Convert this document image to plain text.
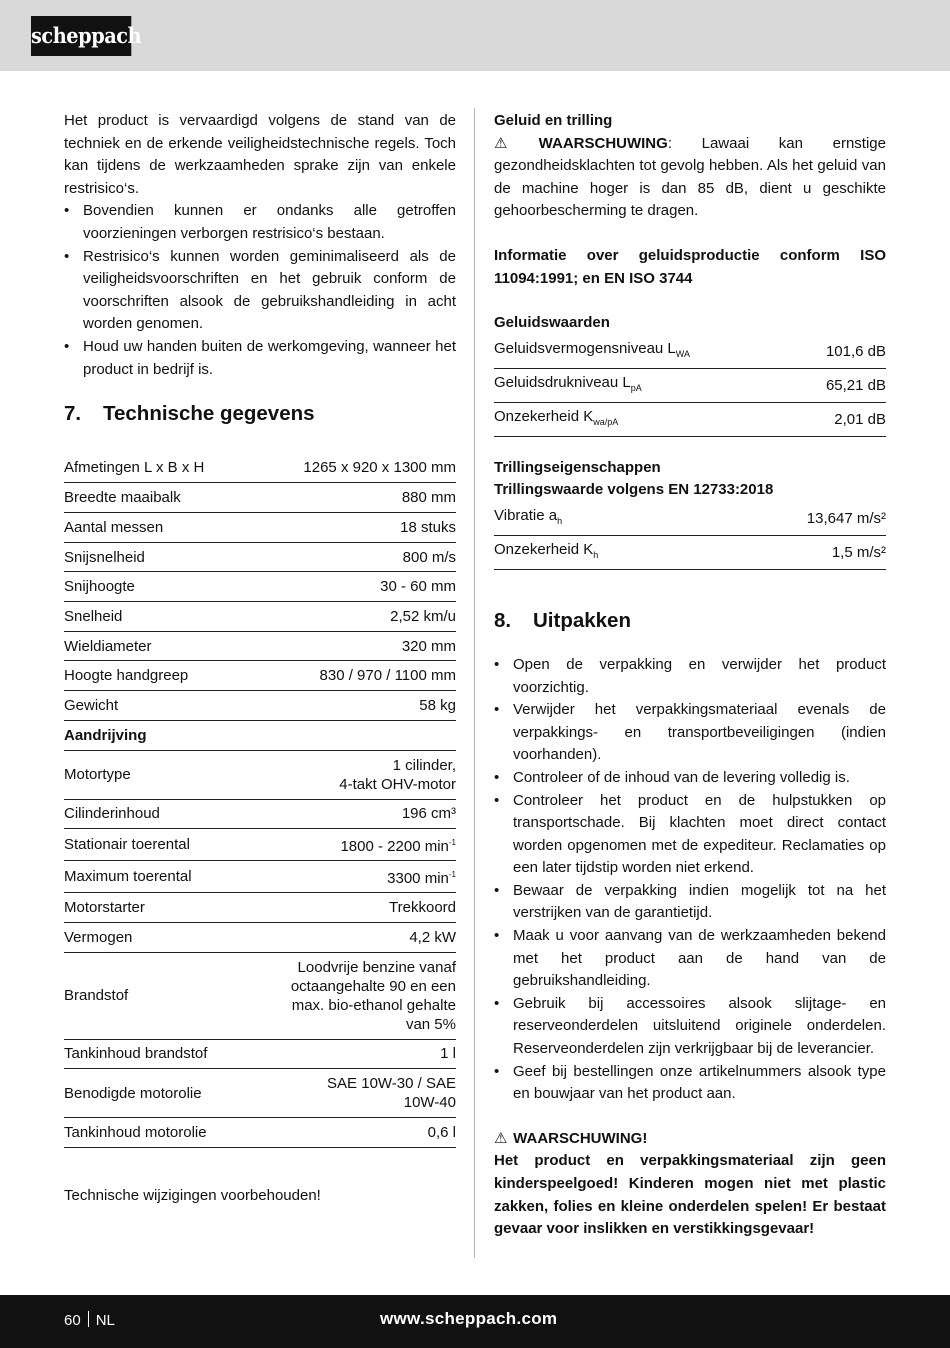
scheppach

Het product is vervaardigd volgens de stand van de techniek en de erkende veiligheidstechnische regels. Toch kan tijdens de werkzaamheden sprake zijn van enkele restrisico‘s.

• Bovendien kunnen er ondanks alle getroffen voorzieningen verborgen restrisico‘s bestaan.
• Restrisico‘s kunnen worden geminimaliseerd als de veiligheidsvoorschriften en het gebruik conform de voorschriften alsook de gebruikshandleiding in acht worden genomen.
• Houd uw handen buiten de werkomgeving, wanneer het product in bedrijf is.
7.	Technische gegevens
Afmetingen L x B x H	1265 x 920 x 1300 mm
Breedte maaibalk	880 mm
Aantal messen	18 stuks
Snijsnelheid	800 m/s
Snijhoogte	30 - 60 mm
Snelheid	2,52 km/u
Wieldiameter	320 mm
Hoogte handgreep	830 / 970 / 1100 mm
Gewicht	58 kg
Aandrijving	
Motortype	1 cilinder,
4-takt OHV-motor
Cilinderinhoud	196 cm³
Stationair toerental	1800 - 2200 $\min^{-1}$
Maximum toerental	3300 $\min^{-1}$
Motorstarter	Trekkoord
Vermogen	4,2 kW
Brandstof	Loodvrije benzine vanaf
octaangehalte 90 en een
max. bio-ethanol gehalte
van 5%
Tankinhoud brandstof	1 l
Benodigde motorolie	SAE 10W-30 / SAE
10W-40
Tankinhoud motorolie	0,6 l

Technische wijzigingen voorbehouden!

Geluid en trilling

⚠ WAARSCHUWING: Lawaai kan ernstige gezondheidsklachten tot gevolg hebben. Als het geluid van de machine hoger is dan 85 dB, dient u geschikte gehoorbescherming te dragen.

Informatie over geluidsproductie conform ISO 11094:1991; en EN ISO 3744

Geluidswaarden

Geluidsvermogensniveau $L_{WA}$	101,6 dB
Geluidsdrukniveau $L_{pA}$	65,21 dB
Onzekerheid $K_{wa/pA}$	2,01 dB

Trillingseigenschappen

Trillingswaarde volgens EN 12733:2018

Vibratie $a_h$	13,647 m/s²
Onzekerheid $K_h$	1,5 m/s²
8.	Uitpakken
• Open de verpakking en verwijder het product voorzichtig.
• Verwijder het verpakkingsmateriaal evenals de verpakkings- en transportbeveiligingen (indien voorhanden).
• Controleer of de inhoud van de levering volledig is.
• Controleer het product en de hulpstukken op transportschade. Bij klachten moet direct contact worden opgenomen met de expediteur. Reclamaties op een later tijdstip worden niet erkend.
• Bewaar de verpakking indien mogelijk tot na het verstrijken van de garantietijd.
• Maak u voor aanvang van de werkzaamheden bekend met het product aan de hand van de gebruikshandleiding.
• Gebruik bij accessoires alsook slijtage- en reserveonderdelen uitsluitend originele onderdelen. Reserveonderdelen zijn verkrijgbaar bij de leverancier.
• Geef bij bestellingen onze artikelnummers alsook type en bouwjaar van het product aan.

⚠ WAARSCHUWING!

Het product en verpakkingsmateriaal zijn geen kinderspeelgoed! Kinderen mogen niet met plastic zakken, folies en kleine onderdelen spelen! Er bestaat gevaar voor inslikken en verstikkingsgevaar!

60 NL	www.scheppach.com
